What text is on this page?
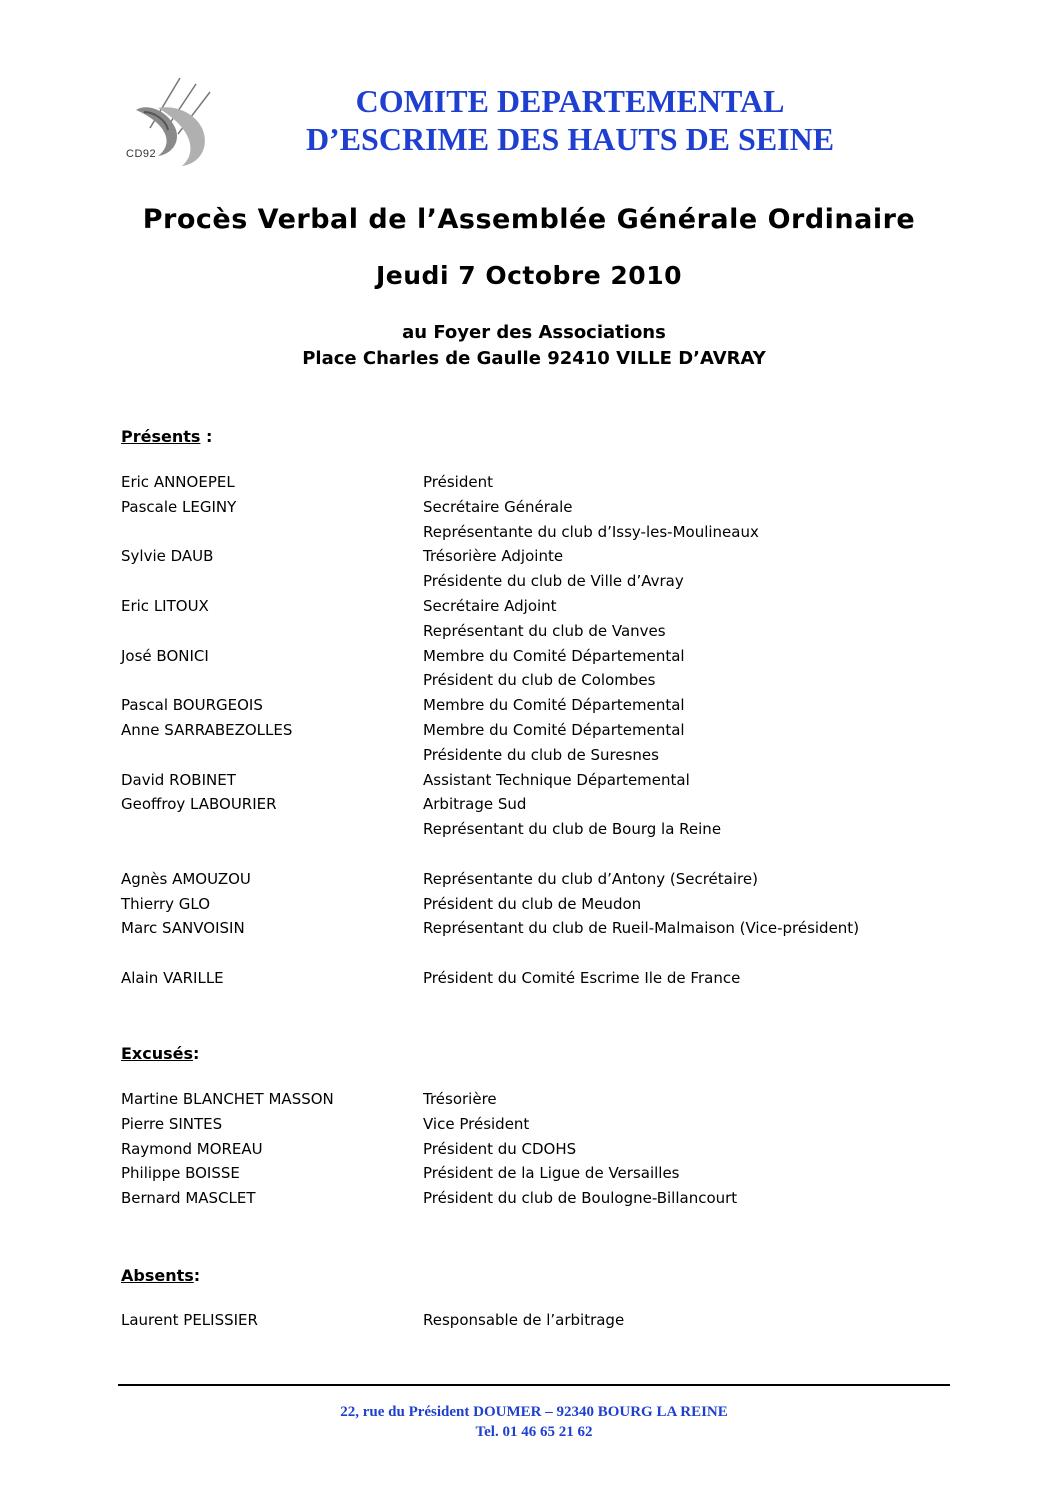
CD92
COMITE DEPARTEMENTAL
D’ESCRIME DES HAUTS DE SEINE
Procès Verbal de l’Assemblée Générale Ordinaire
Jeudi 7 Octobre 2010
au Foyer des Associations
Place Charles de Gaulle 92410 VILLE D’AVRAY
Présents :
Eric ANNOEPEL	Président
Pascale LEGINY	Secrétaire Générale
Représentante du club d’Issy-les-Moulineaux
Sylvie DAUB	Trésorière Adjointe
Présidente du club de Ville d’Avray
Eric LITOUX	Secrétaire Adjoint
Représentant du club de Vanves
José BONICI	Membre du Comité Départemental
Président du club de Colombes
Pascal BOURGEOIS	Membre du Comité Départemental
Anne SARRABEZOLLES	Membre du Comité Départemental
Présidente du club de Suresnes
David ROBINET	Assistant Technique Départemental
Geoffroy LABOURIER	Arbitrage Sud
Représentant du club de Bourg la Reine
Agnès AMOUZOU	Représentante du club d’Antony (Secrétaire)
Thierry GLO	Président du club de Meudon
Marc SANVOISIN	Représentant du club de Rueil-Malmaison (Vice-président)
Alain VARILLE	Président du Comité Escrime Ile de France
Excusés:
Martine BLANCHET MASSON	Trésorière
Pierre SINTES	Vice Président
Raymond MOREAU	Président du CDOHS
Philippe BOISSE	Président de la Ligue de Versailles
Bernard MASCLET	Président du club de Boulogne-Billancourt
Absents:
Laurent PELISSIER	Responsable de l’arbitrage
22, rue du Président DOUMER – 92340 BOURG LA REINE
Tel. 01 46 65 21 62
